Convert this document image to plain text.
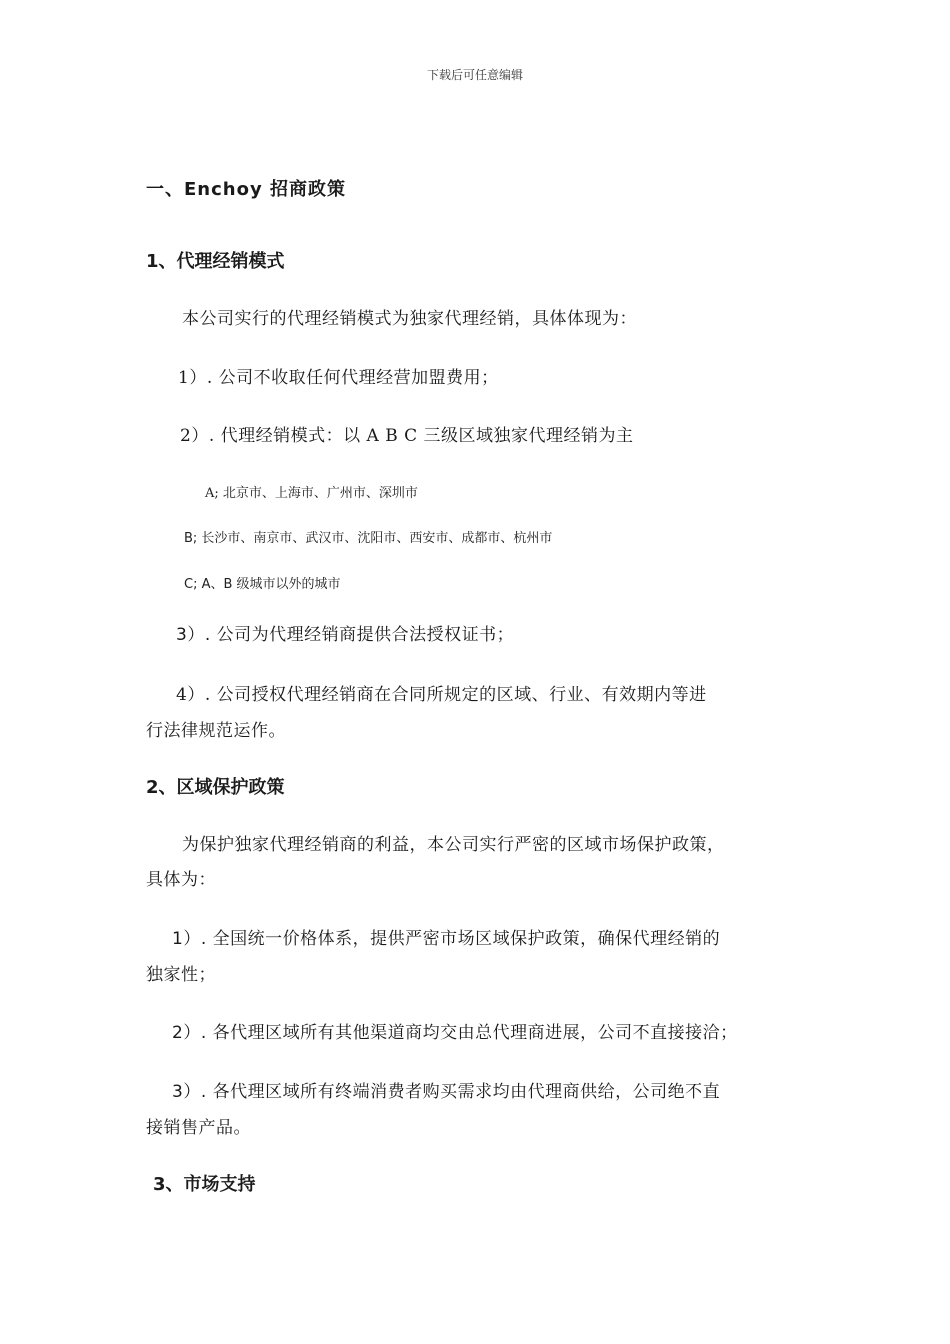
下载后可任意编辑
一、Enchoy 招商政策
1、代理经销模式
本公司实行的代理经销模式为独家代理经销，具体体现为：
1）. 公司不收取任何代理经营加盟费用；
2）. 代理经销模式：以 A B C 三级区域独家代理经销为主
A; 北京市、上海市、广州市、深圳市
B; 长沙市、南京市、武汉市、沈阳市、西安市、成都市、杭州市
C; A、B 级城市以外的城市
3）. 公司为代理经销商提供合法授权证书；
4）. 公司授权代理经销商在合同所规定的区域、行业、有效期内等进
行法律规范运作。
2、区域保护政策
为保护独家代理经销商的利益，本公司实行严密的区域市场保护政策，
具体为：
1）. 全国统一价格体系，提供严密市场区域保护政策，确保代理经销的
独家性；
2）. 各代理区域所有其他渠道商均交由总代理商进展，公司不直接接洽；
3）. 各代理区域所有终端消费者购买需求均由代理商供给，公司绝不直
接销售产品。
3、市场支持
